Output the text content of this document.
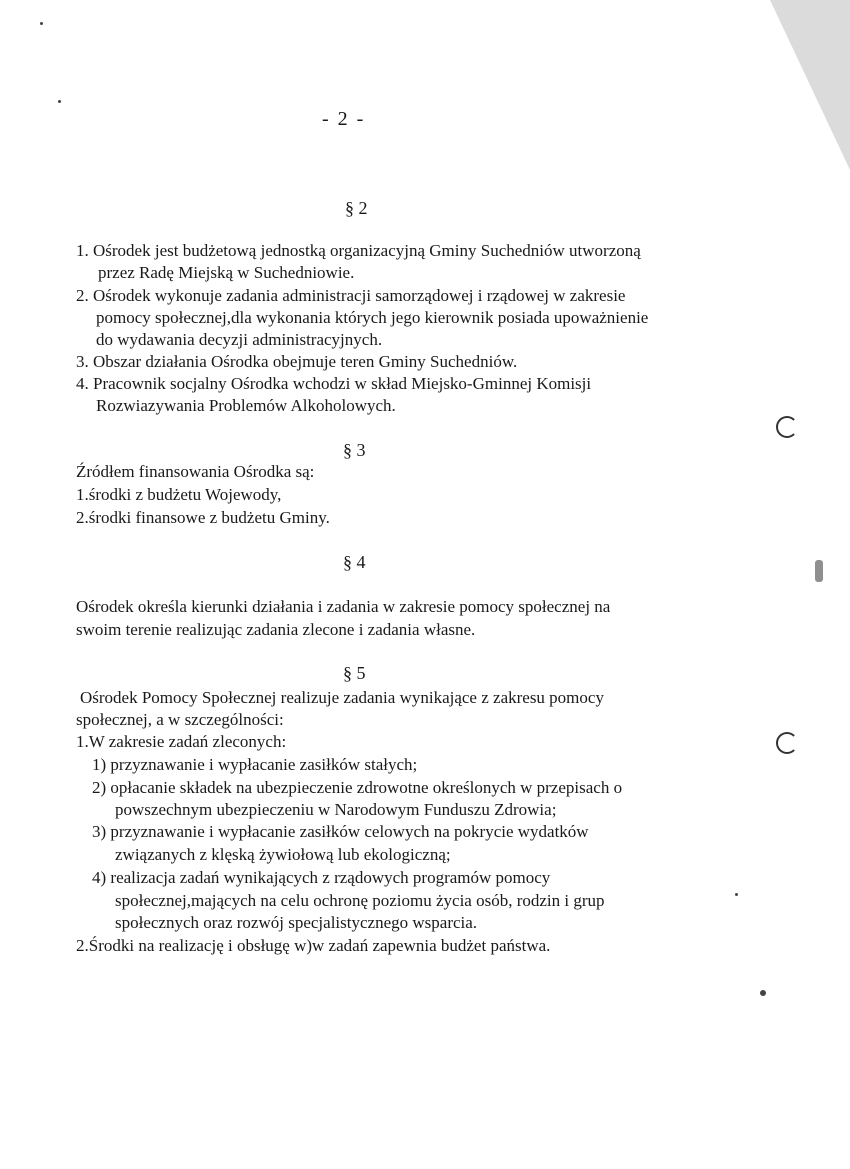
- 2 -
§ 2
1. Ośrodek jest budżetową jednostką organizacyjną Gminy Suchedniów utworzoną
przez Radę Miejską w Suchedniowie.
2. Ośrodek wykonuje zadania administracji samorządowej i rządowej w zakresie
pomocy społecznej,dla wykonania których jego kierownik posiada upoważnienie
do wydawania decyzji administracyjnych.
3. Obszar działania Ośrodka obejmuje teren Gminy Suchedniów.
4. Pracownik socjalny Ośrodka wchodzi w skład Miejsko-Gminnej Komisji
Rozwiazywania Problemów Alkoholowych.
§ 3
Źródłem finansowania Ośrodka są:
1.środki z budżetu Wojewody,
2.środki finansowe z budżetu Gminy.
§ 4
Ośrodek określa kierunki działania i zadania w zakresie pomocy społecznej na
swoim terenie realizując zadania zlecone i zadania własne.
§ 5
Ośrodek Pomocy Społecznej realizuje zadania wynikające z zakresu pomocy
społecznej, a w szczególności:
1.W zakresie zadań zleconych:
1) przyznawanie i wypłacanie zasiłków stałych;
2) opłacanie składek na ubezpieczenie zdrowotne określonych w przepisach o
powszechnym ubezpieczeniu w Narodowym Funduszu Zdrowia;
3) przyznawanie i wypłacanie zasiłków celowych na pokrycie wydatków
związanych z klęską żywiołową lub ekologiczną;
4) realizacja zadań wynikających z rządowych programów pomocy
społecznej,mających na celu ochronę poziomu życia osób, rodzin i grup
społecznych oraz rozwój specjalistycznego wsparcia.
2.Środki na realizację i obsługę w)w zadań zapewnia budżet państwa.
